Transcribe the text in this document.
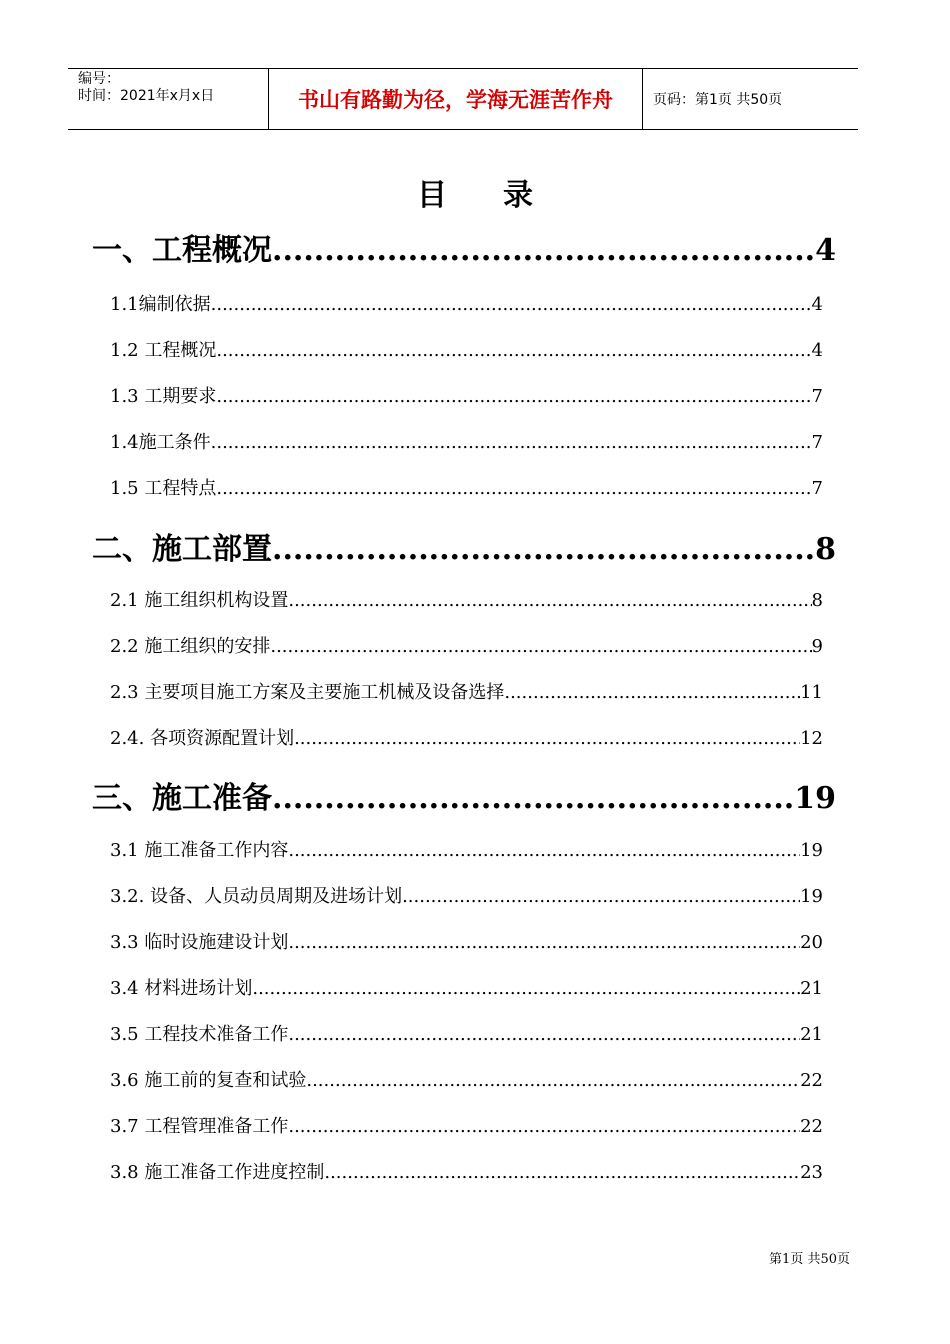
编号：
时间：2021年x月x日	书山有路勤为径，学海无涯苦作舟	页码：第1页 共50页
目录
一、工程概况 .....	4
1.1编制依据 .....	4
1.2 工程概况 .....	4
1.3 工期要求 .....	7
1.4施工条件 .....	7
1.5 工程特点 .....	7
二、施工部置 .....	8
2.1 施工组织机构设置 .....	8
2.2 施工组织的安排 .....	9
2.3 主要项目施工方案及主要施工机械及设备选择 .....	11
2.4. 各项资源配置计划 .....	12
三、施工准备 .....	19
3.1 施工准备工作内容 .....	19
3.2. 设备、人员动员周期及进场计划 .....	19
3.3 临时设施建设计划 .....	20
3.4 材料进场计划 .....	21
3.5 工程技术准备工作 .....	21
3.6 施工前的复查和试验 .....	22
3.7 工程管理准备工作 .....	22
3.8 施工准备工作进度控制 .....	23
第1页 共50页
